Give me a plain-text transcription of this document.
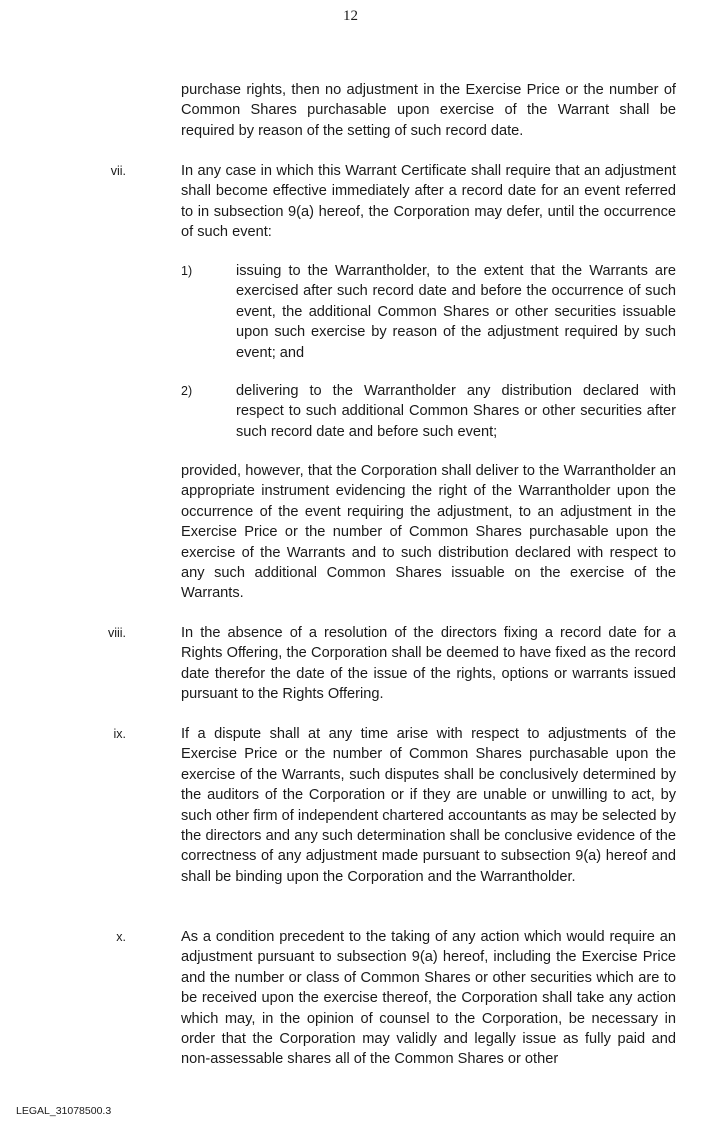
12

purchase rights, then no adjustment in the Exercise Price or the number of Common Shares purchasable upon exercise of the Warrant shall be required by reason of the setting of such record date.

vii.	In any case in which this Warrant Certificate shall require that an adjustment shall become effective immediately after a record date for an event referred to in subsection 9(a) hereof, the Corporation may defer, until the occurrence of such event:

1)	issuing to the Warrantholder, to the extent that the Warrants are exercised after such record date and before the occurrence of such event, the additional Common Shares or other securities issuable upon such exercise by reason of the adjustment required by such event; and

2)	delivering to the Warrantholder any distribution declared with respect to such additional Common Shares or other securities after such record date and before such event;

provided, however, that the Corporation shall deliver to the Warrantholder an appropriate instrument evidencing the right of the Warrantholder upon the occurrence of the event requiring the adjustment, to an adjustment in the Exercise Price or the number of Common Shares purchasable upon the exercise of the Warrants and to such distribution declared with respect to any such additional Common Shares issuable on the exercise of the Warrants.

viii.	In the absence of a resolution of the directors fixing a record date for a Rights Offering, the Corporation shall be deemed to have fixed as the record date therefor the date of the issue of the rights, options or warrants issued pursuant to the Rights Offering.

ix.	If a dispute shall at any time arise with respect to adjustments of the Exercise Price or the number of Common Shares purchasable upon the exercise of the Warrants, such disputes shall be conclusively determined by the auditors of the Corporation or if they are unable or unwilling to act, by such other firm of independent chartered accountants as may be selected by the directors and any such determination shall be conclusive evidence of the correctness of any adjustment made pursuant to subsection 9(a) hereof and shall be binding upon the Corporation and the Warrantholder.

x.	As a condition precedent to the taking of any action which would require an adjustment pursuant to subsection 9(a) hereof, including the Exercise Price and the number or class of Common Shares or other securities which are to be received upon the exercise thereof, the Corporation shall take any action which may, in the opinion of counsel to the Corporation, be necessary in order that the Corporation may validly and legally issue as fully paid and non-assessable shares all of the Common Shares or other

LEGAL_31078500.3
